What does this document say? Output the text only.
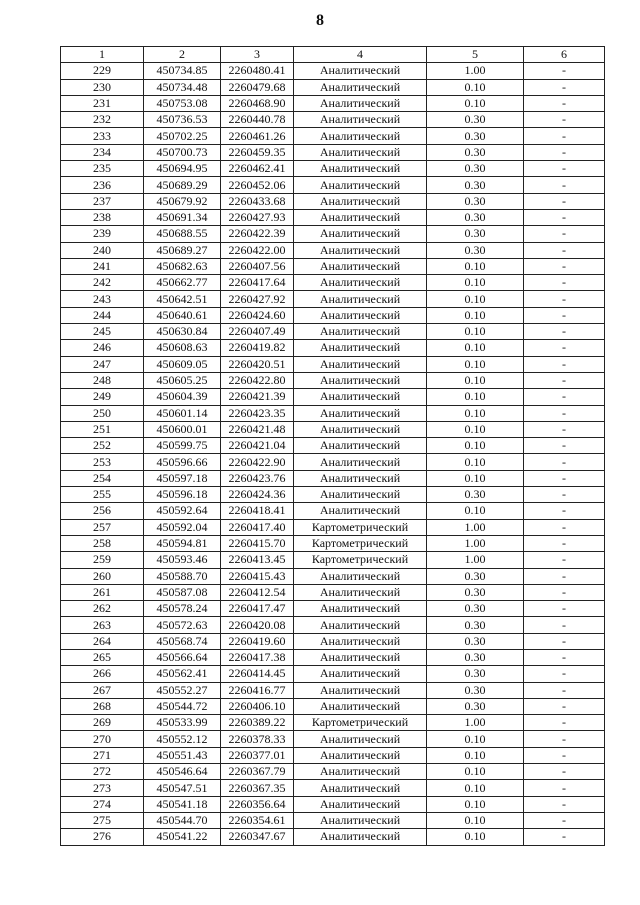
8
1	2	3	4	5	6
229	450734.85	2260480.41	Аналитический	1.00	-
230	450734.48	2260479.68	Аналитический	0.10	-
231	450753.08	2260468.90	Аналитический	0.10	-
232	450736.53	2260440.78	Аналитический	0.30	-
233	450702.25	2260461.26	Аналитический	0.30	-
234	450700.73	2260459.35	Аналитический	0.30	-
235	450694.95	2260462.41	Аналитический	0.30	-
236	450689.29	2260452.06	Аналитический	0.30	-
237	450679.92	2260433.68	Аналитический	0.30	-
238	450691.34	2260427.93	Аналитический	0.30	-
239	450688.55	2260422.39	Аналитический	0.30	-
240	450689.27	2260422.00	Аналитический	0.30	-
241	450682.63	2260407.56	Аналитический	0.10	-
242	450662.77	2260417.64	Аналитический	0.10	-
243	450642.51	2260427.92	Аналитический	0.10	-
244	450640.61	2260424.60	Аналитический	0.10	-
245	450630.84	2260407.49	Аналитический	0.10	-
246	450608.63	2260419.82	Аналитический	0.10	-
247	450609.05	2260420.51	Аналитический	0.10	-
248	450605.25	2260422.80	Аналитический	0.10	-
249	450604.39	2260421.39	Аналитический	0.10	-
250	450601.14	2260423.35	Аналитический	0.10	-
251	450600.01	2260421.48	Аналитический	0.10	-
252	450599.75	2260421.04	Аналитический	0.10	-
253	450596.66	2260422.90	Аналитический	0.10	-
254	450597.18	2260423.76	Аналитический	0.10	-
255	450596.18	2260424.36	Аналитический	0.30	-
256	450592.64	2260418.41	Аналитический	0.10	-
257	450592.04	2260417.40	Картометрический	1.00	-
258	450594.81	2260415.70	Картометрический	1.00	-
259	450593.46	2260413.45	Картометрический	1.00	-
260	450588.70	2260415.43	Аналитический	0.30	-
261	450587.08	2260412.54	Аналитический	0.30	-
262	450578.24	2260417.47	Аналитический	0.30	-
263	450572.63	2260420.08	Аналитический	0.30	-
264	450568.74	2260419.60	Аналитический	0.30	-
265	450566.64	2260417.38	Аналитический	0.30	-
266	450562.41	2260414.45	Аналитический	0.30	-
267	450552.27	2260416.77	Аналитический	0.30	-
268	450544.72	2260406.10	Аналитический	0.30	-
269	450533.99	2260389.22	Картометрический	1.00	-
270	450552.12	2260378.33	Аналитический	0.10	-
271	450551.43	2260377.01	Аналитический	0.10	-
272	450546.64	2260367.79	Аналитический	0.10	-
273	450547.51	2260367.35	Аналитический	0.10	-
274	450541.18	2260356.64	Аналитический	0.10	-
275	450544.70	2260354.61	Аналитический	0.10	-
276	450541.22	2260347.67	Аналитический	0.10	-
